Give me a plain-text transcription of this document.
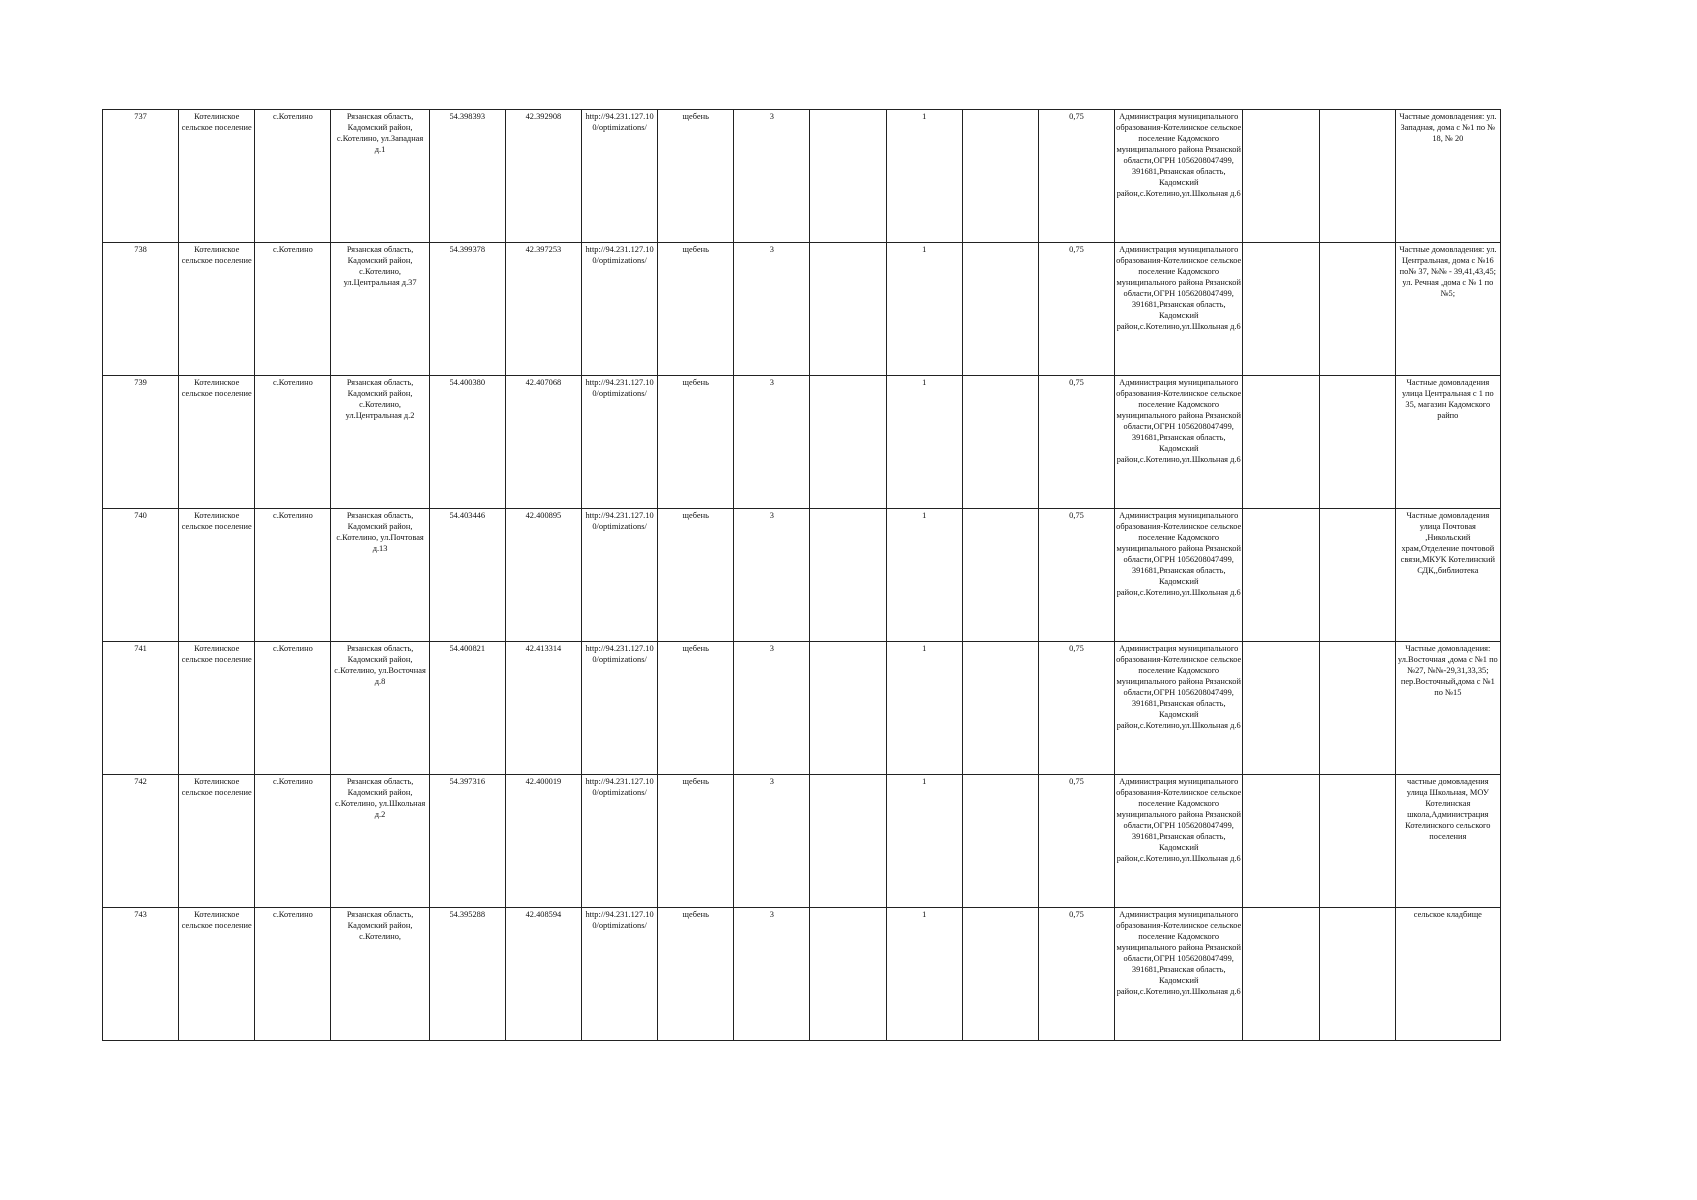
737	Котелинское сельское поселение	с.Котелино	Рязанская область, Кадомский район, с.Котелино, ул.Западная д.1	54.398393	42.392908	http://94.231.127.100/optimizations/	щебень	3		1		0,75	Администрация муниципального образования-Котелинское сельское поселение Кадомского муниципального района Рязанской области,ОГРН 1056208047499, 391681,Рязанская область, Кадомский район,с.Котелино,ул.Школьная д.6			Частные домовладения: ул. Западная, дома с №1 по № 18, № 20
738	Котелинское сельское поселение	с.Котелино	Рязанская область, Кадомский район, с.Котелино, ул.Центральная д.37	54.399378	42.397253	http://94.231.127.100/optimizations/	щебень	3		1		0,75	Администрация муниципального образования-Котелинское сельское поселение Кадомского муниципального района Рязанской области,ОГРН 1056208047499, 391681,Рязанская область, Кадомский район,с.Котелино,ул.Школьная д.6			Частные домовладения: ул. Центральная, дома с №16 по№ 37, №№ - 39,41,43,45; ул. Речная ,дома с № 1 по №5;
739	Котелинское сельское поселение	с.Котелино	Рязанская область, Кадомский район, с.Котелино, ул.Центральная д.2	54.400380	42.407068	http://94.231.127.100/optimizations/	щебень	3		1		0,75	Администрация муниципального образования-Котелинское сельское поселение Кадомского муниципального района Рязанской области,ОГРН 1056208047499, 391681,Рязанская область, Кадомский район,с.Котелино,ул.Школьная д.6			Частные домовладения улица Центральная с 1 по 35, магазин Кадомского райпо
740	Котелинское сельское поселение	с.Котелино	Рязанская область, Кадомский район, с.Котелино, ул.Почтовая д.13	54.403446	42.400895	http://94.231.127.100/optimizations/	щебень	3		1		0,75	Администрация муниципального образования-Котелинское сельское поселение Кадомского муниципального района Рязанской области,ОГРН 1056208047499, 391681,Рязанская область, Кадомский район,с.Котелино,ул.Школьная д.6			Частные домовладения улица Почтовая ,Никольский храм,Отделение почтовой связи,МКУК Котелинский СДК,,библиотека
741	Котелинское сельское поселение	с.Котелино	Рязанская область, Кадомский район, с.Котелино, ул.Восточная д.8	54.400821	42.413314	http://94.231.127.100/optimizations/	щебень	3		1		0,75	Администрация муниципального образования-Котелинское сельское поселение Кадомского муниципального района Рязанской области,ОГРН 1056208047499, 391681,Рязанская область, Кадомский район,с.Котелино,ул.Школьная д.6			Частные домовладения: ул.Восточная ,дома с №1 по №27, №№-29,31,33,35; пер.Восточный,дома с №1 по №15
742	Котелинское сельское поселение	с.Котелино	Рязанская область, Кадомский район, с.Котелино, ул.Школьная д.2	54.397316	42.400019	http://94.231.127.100/optimizations/	щебень	3		1		0,75	Администрация муниципального образования-Котелинское сельское поселение Кадомского муниципального района Рязанской области,ОГРН 1056208047499, 391681,Рязанская область, Кадомский район,с.Котелино,ул.Школьная д.6			частные домовладения улица Школьная, МОУ Котелинская школа,Администрация Котелинского сельского поселения
743	Котелинское сельское поселение	с.Котелино	Рязанская область, Кадомский район, с.Котелино,	54.395288	42.408594	http://94.231.127.100/optimizations/	щебень	3		1		0,75	Администрация муниципального образования-Котелинское сельское поселение Кадомского муниципального района Рязанской области,ОГРН 1056208047499, 391681,Рязанская область, Кадомский район,с.Котелино,ул.Школьная д.6			сельское кладбище
